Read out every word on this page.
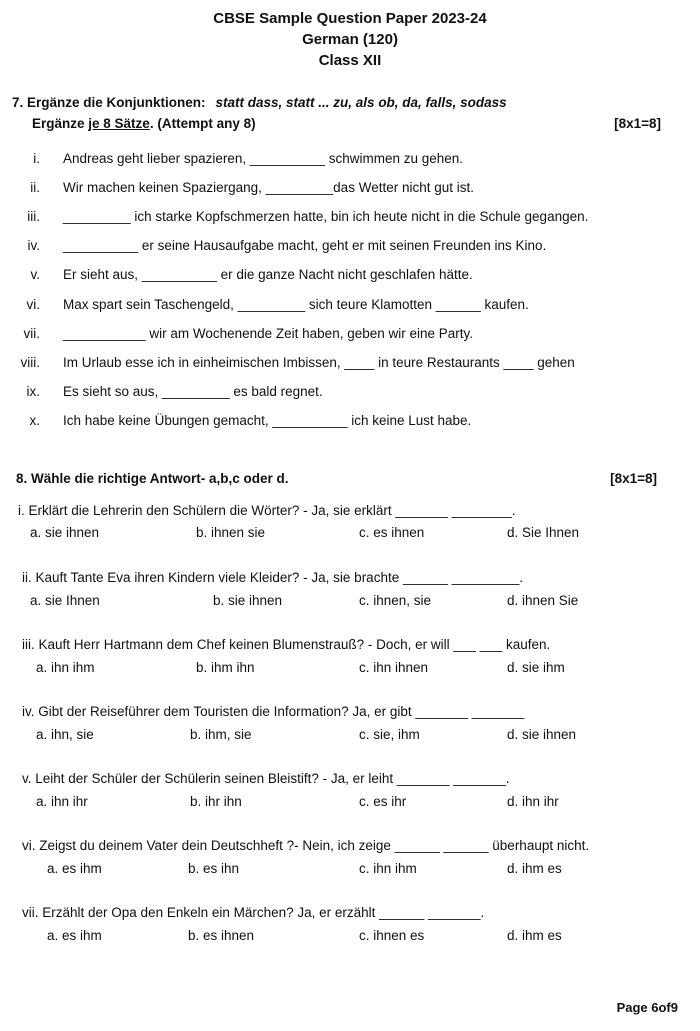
CBSE Sample Question Paper 2023-24
German (120)
Class XII
7. Ergänze die Konjunktionen: statt dass, statt ... zu, als ob, da, falls, sodass
Ergänze je 8 Sätze. (Attempt any 8)	[8x1=8]
i. Andreas geht lieber spazieren, __________ schwimmen zu gehen.
ii. Wir machen keinen Spaziergang, _________das Wetter nicht gut ist.
iii. _________ ich starke Kopfschmerzen hatte, bin ich heute nicht in die Schule gegangen.
iv. __________ er seine Hausaufgabe macht, geht er mit seinen Freunden ins Kino.
v. Er sieht aus, __________ er die ganze Nacht nicht geschlafen hätte.
vi. Max spart sein Taschengeld, _________ sich teure Klamotten ______ kaufen.
vii. ___________ wir am Wochenende Zeit haben, geben wir eine Party.
viii. Im Urlaub esse ich in einheimischen Imbissen, ____ in teure Restaurants ____ gehen
ix. Es sieht so aus, _________ es bald regnet.
x. Ich habe keine Übungen gemacht, __________ ich keine Lust habe.
8. Wähle die richtige Antwort- a,b,c oder d.	[8x1=8]
i. Erklärt die Lehrerin den Schülern die Wörter? - Ja, sie erklärt _______ ________.
a. sie ihnen	b. ihnen sie	c. es ihnen	d. Sie Ihnen
ii. Kauft Tante Eva ihren Kindern viele Kleider? - Ja, sie brachte ______ _________.
a. sie Ihnen	b. sie ihnen	c. ihnen, sie	d. ihnen Sie
iii. Kauft Herr Hartmann dem Chef keinen Blumenstrauß? - Doch, er will ___ ___ kaufen.
a. ihn ihm	b. ihm ihn	c. ihn ihnen	d. sie ihm
iv. Gibt der Reiseführer dem Touristen die Information? Ja, er gibt _______ _______
a. ihn, sie	b. ihm, sie	c. sie, ihm	d. sie ihnen
v. Leiht der Schüler der Schülerin seinen Bleistift? - Ja, er leiht _______ _______.
a. ihn ihr	b. ihr ihn	c. es ihr	d. ihn ihr
vi. Zeigst du deinem Vater dein Deutschheft ?- Nein, ich zeige ______ ______ überhaupt nicht.
a. es ihm	b. es ihn	c. ihn ihm	d. ihm es
vii. Erzählt der Opa den Enkeln ein Märchen? Ja, er erzählt ______ _______.
a. es ihm	b. es ihnen	c. ihnen es	d. ihm es
Page 6of9
